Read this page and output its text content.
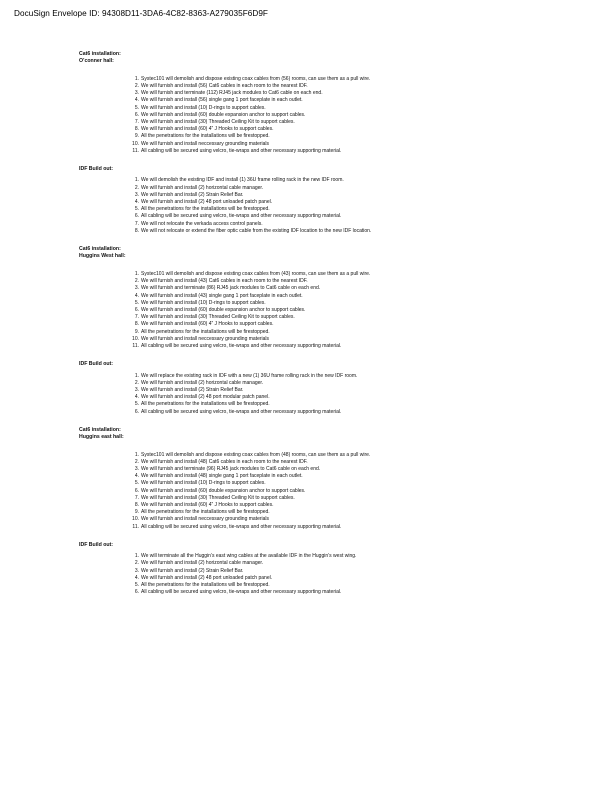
DocuSign Envelope ID: 94308D11-3DA6-4C82-8363-A279035F6D9F
Cat6 installation:
O’conner hall:
1. Systec101 will demolish and dispose existing coax cables from (56) rooms, can use them as a pull wire.
2. We will furnish and install (56) Cat6 cables in each room to the nearest IDF.
3. We will furnish and terminate (112) RJ45 jack modules to Cat6 cable on each end.
4. We will furnish and install (56) single gang 1 port faceplate in each outlet.
5. We will furnish and install (10) D-rings to support cables.
6. We will furnish and install (60) double expansion anchor to support cables.
7. We will furnish and install (30) Threaded Ceiling Kit to support cables.
8. We will furnish and install (60) 4” J Hooks to support cables.
9. All the penetrations for the installations will be firestopped.
10. We will furnish and install neccessary grounding materials
11. All cabling will be secured using velcro, tie-wraps and other necessary supporting material.
IDF Build out:
1. We will demolish the existing IDF and install (1) 36U frame rolling rack in the new IDF room.
2. We will furnish and install (2) horizontal cable manager.
3. We will furnish and install (2) Strain Relief Bar.
4. We will furnish and install (2) 48 port unloaded patch panel.
5. All the penetrations for the installations will be firestopped.
6. All cabling will be secured using velcro, tie-wraps and other necessary supporting material.
7. We will not relocate the verkada access control panels.
8. We will not relocate or extend the fiber optic cable from the existing IDF location to the new IDF location.
Cat6 installation:
Huggins West hall:
1. Systec101 will demolish and dispose existing coax cables from (43) rooms, can use them as a pull wire.
2. We will furnish and install (43) Cat6 cables in each room to the nearest IDF.
3. We will furnish and terminate (86) RJ45 jack modules to Cat6 cable on each end.
4. We will furnish and install (43) single gang 1 port faceplate in each outlet.
5. We will furnish and install (10) D-rings to support cables.
6. We will furnish and install (60) double expansion anchor to support cables.
7. We will furnish and install (30) Threaded Ceiling Kit to support cables.
8. We will furnish and install (60) 4” J Hooks to support cables.
9. All the penetrations for the installations will be firestopped.
10. We will furnish and install neccessary grounding materials
11. All cabling will be secured using velcro, tie-wraps and other necessary supporting material.
IDF Build out:
1. We will replace the existing rack in IDF with a new (1) 36U frame rolling rack in the new IDF room.
2. We will furnish and install (2) horizontal cable manager.
3. We will furnish and install (2) Strain Relief Bar.
4. We will furnish and install (2) 48 port modular patch panel.
5. All the penetrations for the installations will be firestopped.
6. All cabling will be secured using velcro, tie-wraps and other necessary supporting material.
Cat6 installation:
Huggins east hall:
1. Systec101 will demolish and dispose existing coax cables from (48) rooms, can use them as a pull wire.
2. We will furnish and install (48) Cat6 cables in each room to the nearest IDF.
3. We will furnish and terminate (96) RJ45 jack modules to Cat6 cable on each end.
4. We will furnish and install (48) single gang 1 port faceplate in each outlet.
5. We will furnish and install (10) D-rings to support cables.
6. We will furnish and install (60) double expansion anchor to support cables.
7. We will furnish and install (30) Threaded Ceiling Kit to support cables.
8. We will furnish and install (60) 4” J Hooks to support cables.
9. All the penetrations for the installations will be firestopped.
10. We will furnish and install neccessary grounding materials
11. All cabling will be secured using velcro, tie-wraps and other necessary supporting material.
IDF Build out:
1. We will terminate all the Huggin’s east wing cables at the available IDF in the Huggin’s west wing.
2. We will furnish and install (2) horizontal cable manager.
3. We will furnish and install (2) Strain Relief Bar.
4. We will furnish and install (2) 48 port unloaded patch panel.
5. All the penetrations for the installations will be firestopped.
6. All cabling will be secured using velcro, tie-wraps and other necessary supporting material.
